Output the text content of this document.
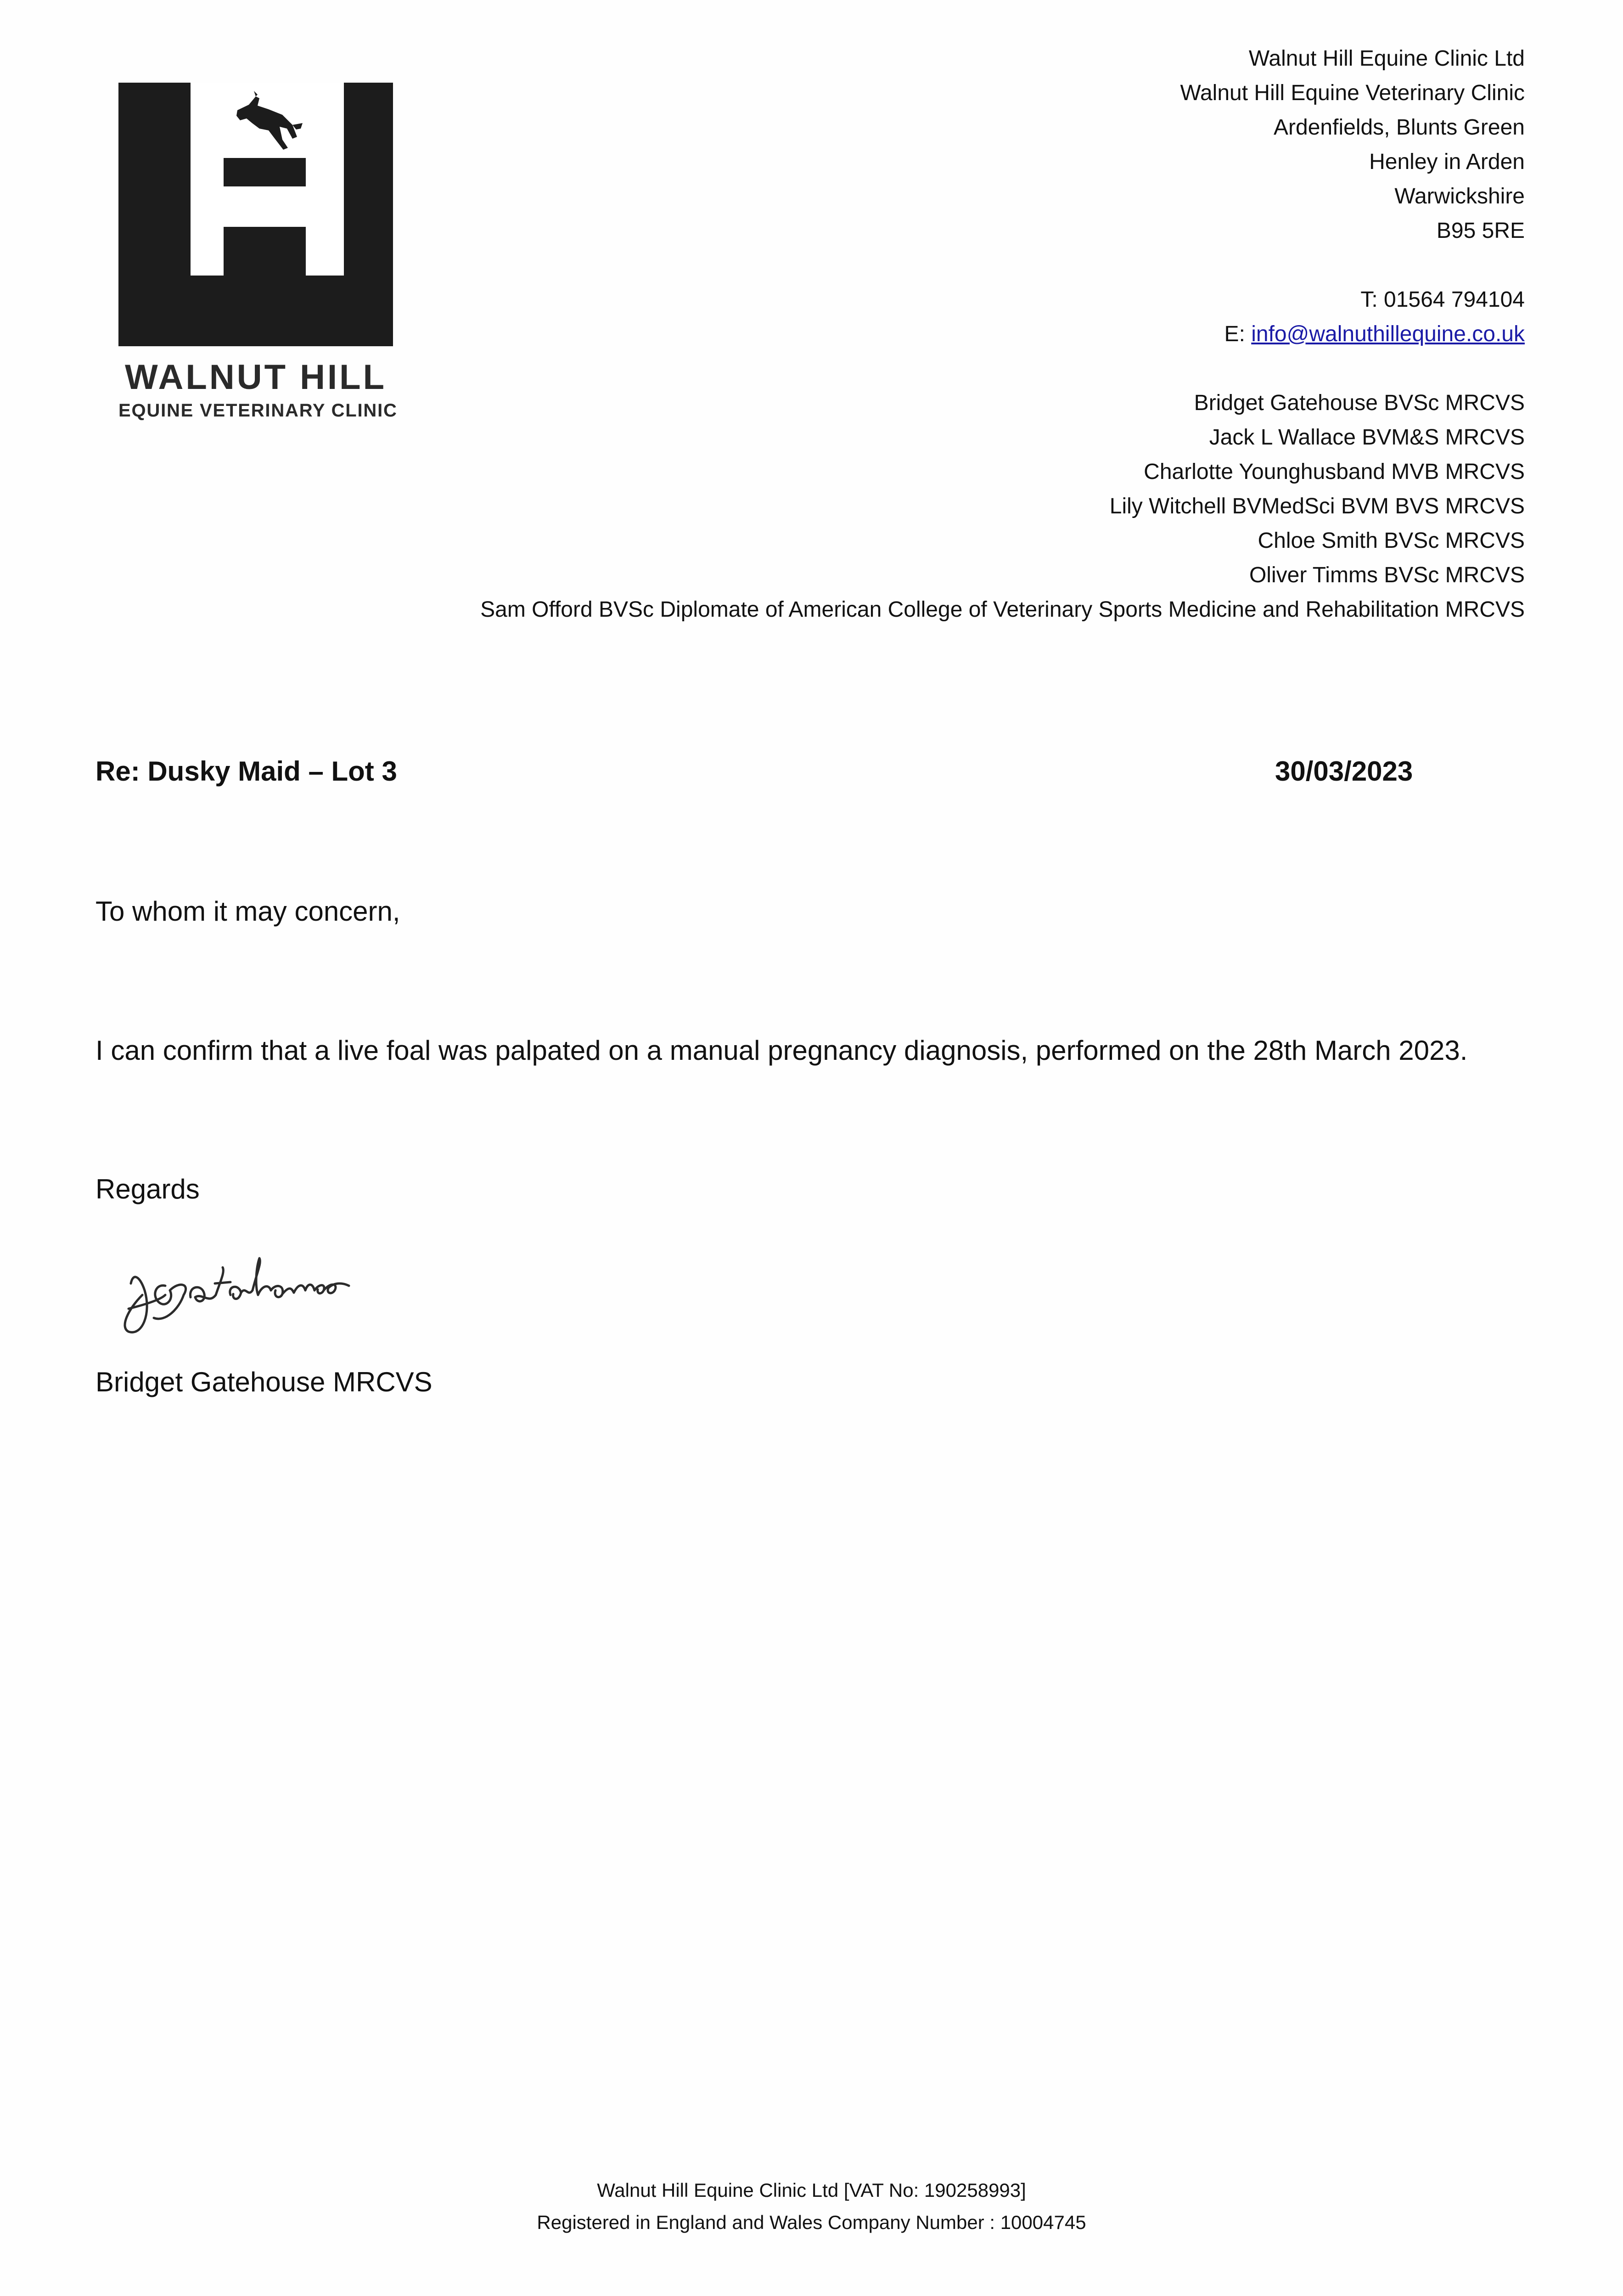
WALNUT HILL
EQUINE VETERINARY CLINIC
Walnut Hill Equine Clinic Ltd
Walnut Hill Equine Veterinary Clinic
Ardenfields, Blunts Green
Henley in Arden
Warwickshire
B95 5RE
T: 01564 794104
E: info@walnuthillequine.co.uk
Bridget Gatehouse BVSc MRCVS
Jack L Wallace BVM&S MRCVS
Charlotte Younghusband MVB MRCVS
Lily Witchell BVMedSci BVM BVS MRCVS
Chloe Smith BVSc MRCVS
Oliver Timms BVSc MRCVS
Sam Offord BVSc Diplomate of American College of Veterinary Sports Medicine and Rehabilitation MRCVS
Re: Dusky Maid – Lot 3	30/03/2023
To whom it may concern,
I can confirm that a live foal was palpated on a manual pregnancy diagnosis, performed on the 28th March 2023.
Regards
Bridget Gatehouse MRCVS
Walnut Hill Equine Clinic Ltd [VAT No: 190258993]
Registered in England and Wales Company Number : 10004745
